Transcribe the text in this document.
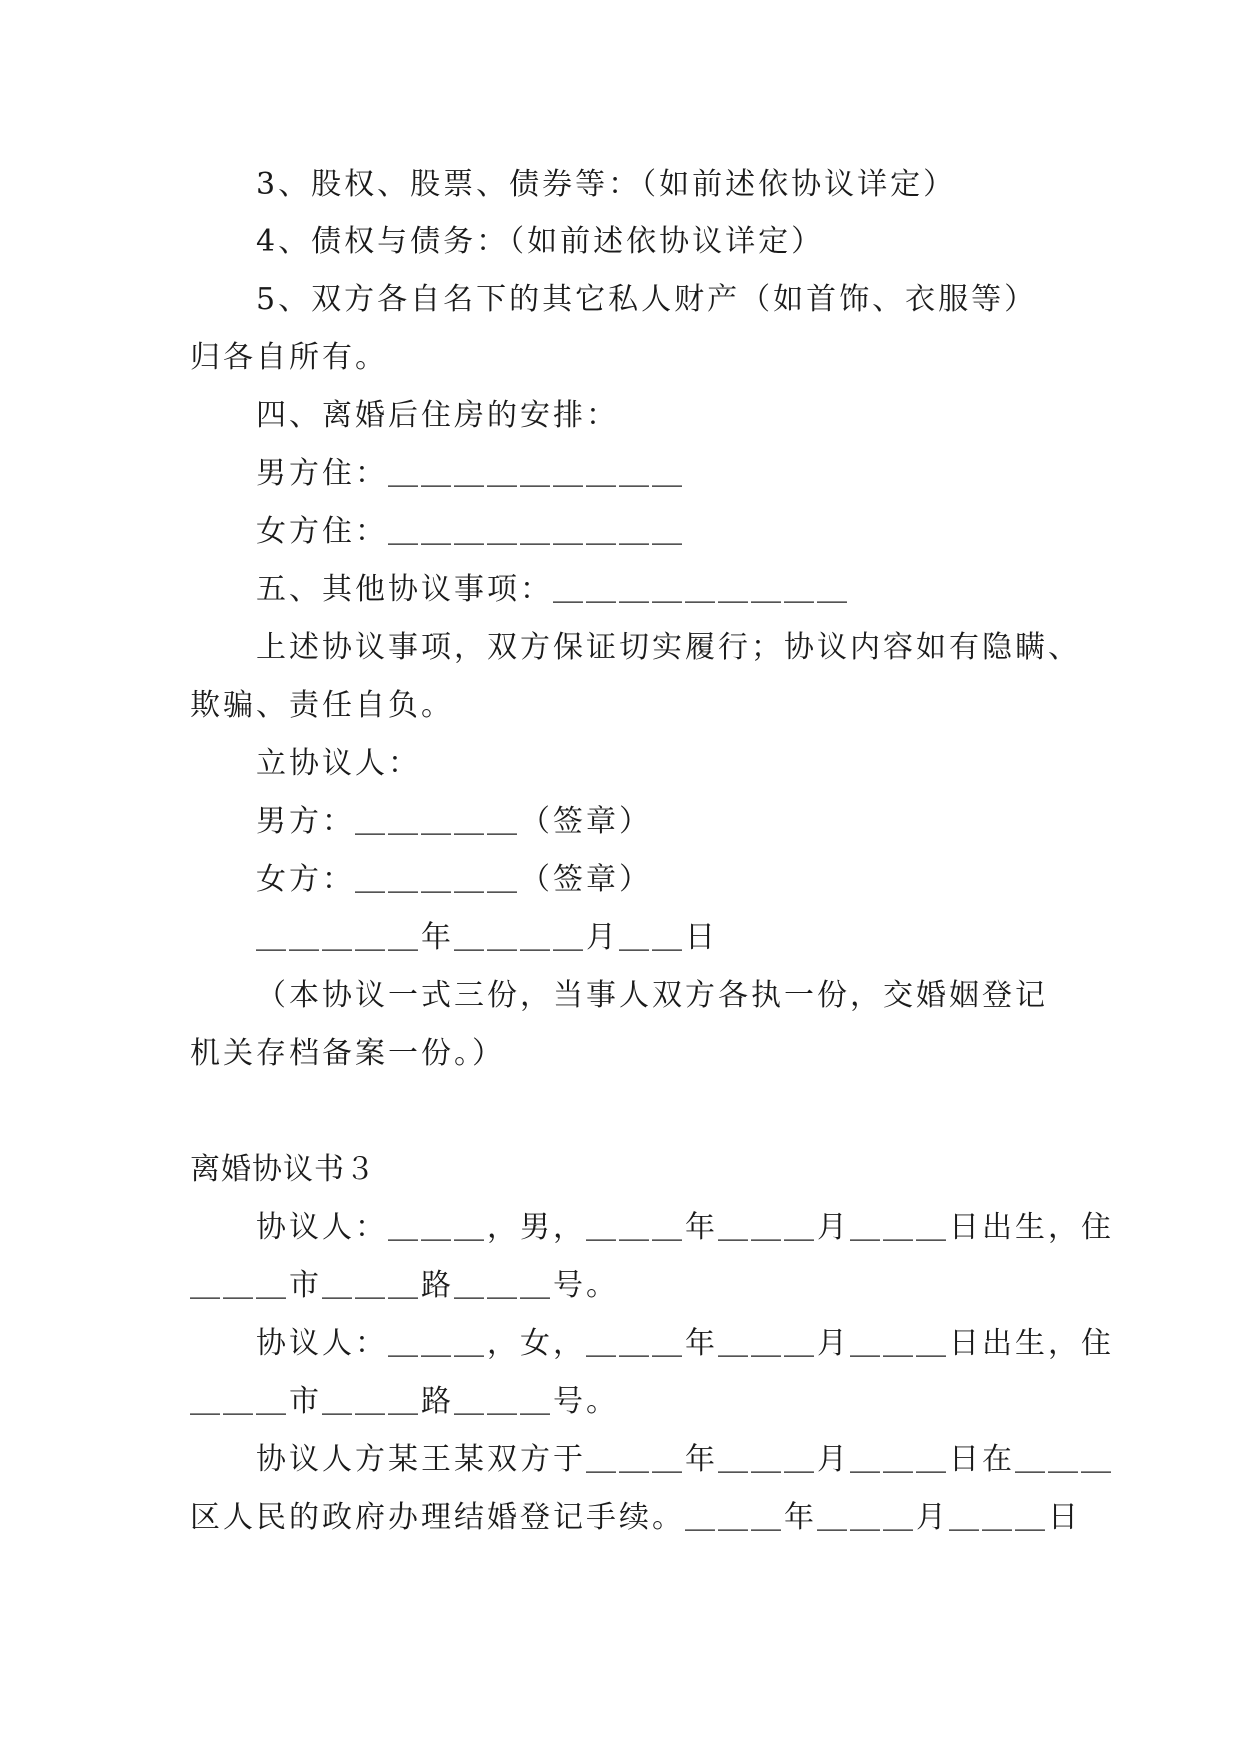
3、股权、股票、债券等：（如前述依协议详定）
4、债权与债务：（如前述依协议详定）
5、双方各自名下的其它私人财产（如首饰、衣服等）
归各自所有。
四、离婚后住房的安排：
男方住：＿＿＿＿＿＿＿＿＿
女方住：＿＿＿＿＿＿＿＿＿
五、其他协议事项：＿＿＿＿＿＿＿＿＿
上述协议事项，双方保证切实履行；协议内容如有隐瞒、
欺骗、责任自负。
立协议人：
男方：＿＿＿＿＿（签章）
女方：＿＿＿＿＿（签章）
＿＿＿＿＿年＿＿＿＿月＿＿日
（本协议一式三份，当事人双方各执一份，交婚姻登记
机关存档备案一份。）
离婚协议书３
协议人：＿＿＿，男，＿＿＿年＿＿＿月＿＿＿日出生，住
＿＿＿市＿＿＿路＿＿＿号。
协议人：＿＿＿，女，＿＿＿年＿＿＿月＿＿＿日出生，住
＿＿＿市＿＿＿路＿＿＿号。
协议人方某王某双方于＿＿＿年＿＿＿月＿＿＿日在＿＿＿
区人民的政府办理结婚登记手续。＿＿＿年＿＿＿月＿＿＿日
